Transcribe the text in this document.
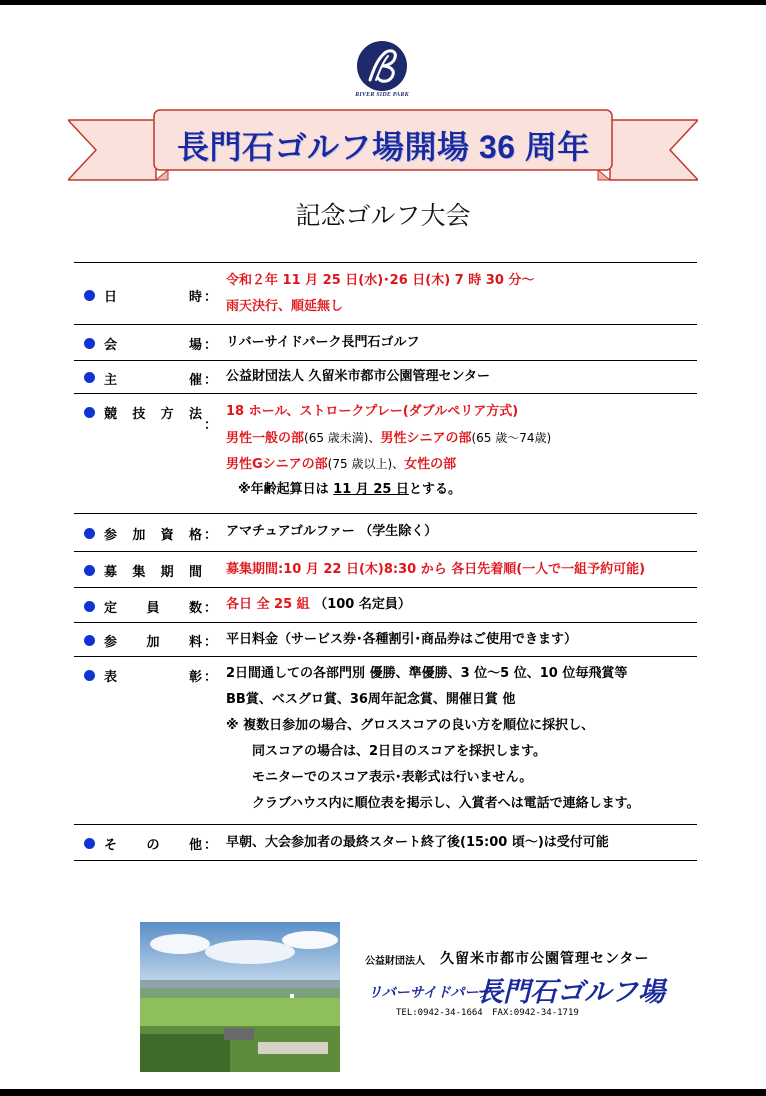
RIVER SIDE PARK
長門石ゴルフ場開場 36 周年
記念ゴルフ大会
日	時 ：
令和２年 11 月 25 日(水)･26 日(木) 7 時 30 分～
雨天決行、順延無し
会	場 ： リバーサイドパーク長門石ゴルフ
主	催 ： 公益財団法人 久留米市都市公園管理センター
競 技 方 法
：
18 ホール、ストロークプレー(ダブルペリア方式)
男性一般の部(65 歳未満)、男性シニアの部(65 歳～74歳)
男性Gシニアの部(75 歳以上)、女性の部
※年齢起算日は 11 月 25 日とする。
参 加 資 格 ： アマチュアゴルファー （学生除く）
募 集 期 間 募集期間:10 月 22 日(木)8:30 から 各日先着順(一人で一組予約可能)
定 員 数 ： 各日 全 25 組 （100 名定員）
参 加 料 ： 平日料金（サービス券･各種割引･商品券はご使用できます）
表	彰 ： 2日間通しての各部門別 優勝、準優勝、3 位～5 位、10 位毎飛賞等
BB賞、ベスグロ賞、36周年記念賞、開催日賞 他
※ 複数日参加の場合、グロススコアの良い方を順位に採択し、
同スコアの場合は、2日目のスコアを採択します。
モニターでのスコア表示･表彰式は行いません。
クラブハウス内に順位表を掲示し、入賞者へは電話で連絡します。
そ の 他 ： 早朝、大会参加者の最終スタート終了後(15:00 頃～)は受付可能
公益財団法人 久留米市都市公園管理センター
リバーサイドパーク
長門石ゴルフ場
TEL:0942-34-1664 FAX:0942-34-1719
